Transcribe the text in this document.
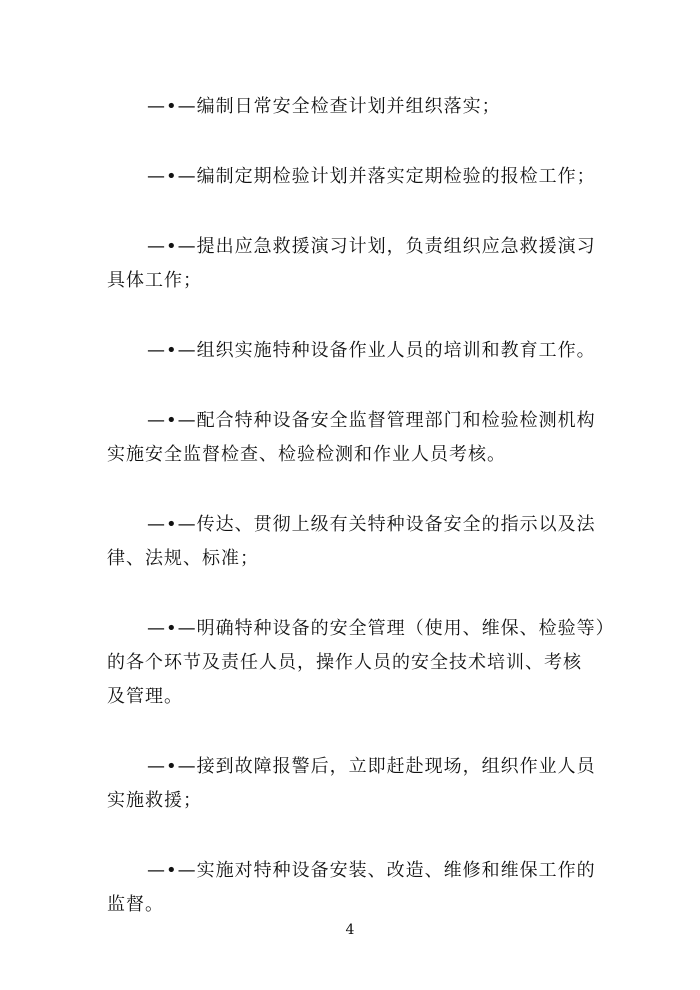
—•—编制日常安全检查计划并组织落实；

—•—编制定期检验计划并落实定期检验的报检工作；

—•—提出应急救援演习计划，负责组织应急救援演习
具体工作；

—•—组织实施特种设备作业人员的培训和教育工作。

—•—配合特种设备安全监督管理部门和检验检测机构
实施安全监督检查、检验检测和作业人员考核。

—•—传达、贯彻上级有关特种设备安全的指示以及法
律、法规、标准；

—•—明确特种设备的安全管理（使用、维保、检验等）
的各个环节及责任人员，操作人员的安全技术培训、考核
及管理。

—•—接到故障报警后，立即赶赴现场，组织作业人员
实施救援；

—•—实施对特种设备安装、改造、维修和维保工作的
监督。

4
